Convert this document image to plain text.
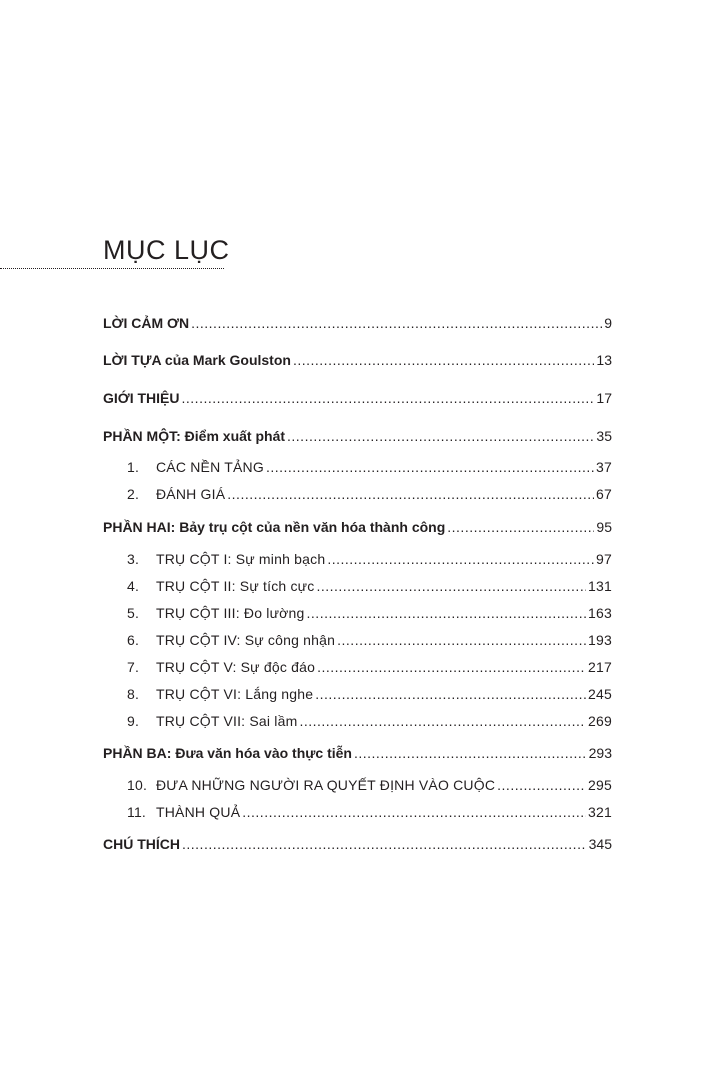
MỤC LỤC
LỜI CẢM ƠN .....	9
LỜI TỰA của Mark Goulston .....	13
GIỚI THIỆU .....	17
PHẦN MỘT: Điểm xuất phát .....	35
1.	CÁC NỀN TẢNG .....	37
2.	ĐÁNH GIÁ .....	67
PHẦN HAI: Bảy trụ cột của nền văn hóa thành công .....	95
3.	TRỤ CỘT I: Sự minh bạch .....	97
4.	TRỤ CỘT II: Sự tích cực .....	131
5.	TRỤ CỘT III: Đo lường .....	163
6.	TRỤ CỘT IV: Sự công nhận .....	193
7.	TRỤ CỘT V: Sự độc đáo .....	217
8.	TRỤ CỘT VI: Lắng nghe .....	245
9.	TRỤ CỘT VII: Sai lầm .....	269
PHẦN BA: Đưa văn hóa vào thực tiễn .....	293
10. ĐƯA NHỮNG NGƯỜI RA QUYẾT ĐỊNH VÀO CUỘC .....	295
11. THÀNH QUẢ .....	321
CHÚ THÍCH .....	345
